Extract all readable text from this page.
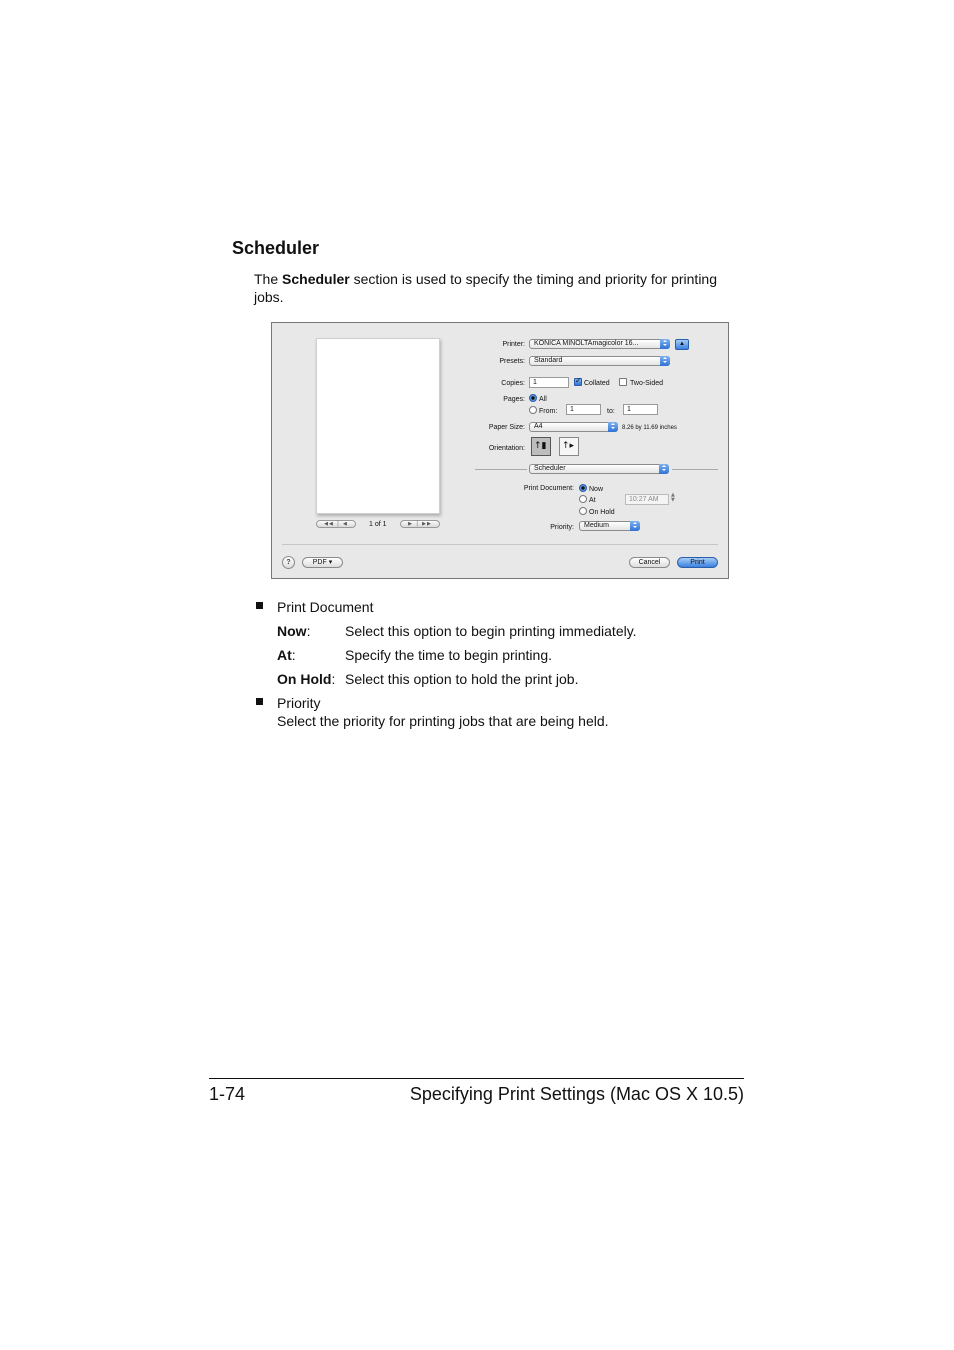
Scheduler
The Scheduler section is used to specify the timing and priority for printing
jobs.
◀◀ │ ◀	1 of 1	▶ │ ▶▶
Printer: KONICA MINOLTAmagicolor 16...	▲
Presets: Standard
Copies: 1
✓	Collated	Two-Sided
Pages: All
From: 1	to: 1
Paper Size: A4	8.26 by 11.69 inches
Orientation: ↑▮ ↑▸
Scheduler
Print Document: Now
At	10:27 AM
▲
▼
On Hold
Priority: Medium
?	PDF ▾	Cancel	Print
Print Document
Now: Select this option to begin printing immediately.
At:	Specify the time to begin printing.
On Hold: Select this option to hold the print job.
Priority
Select the priority for printing jobs that are being held.
1-74	Specifying Print Settings (Mac OS X 10.5)
